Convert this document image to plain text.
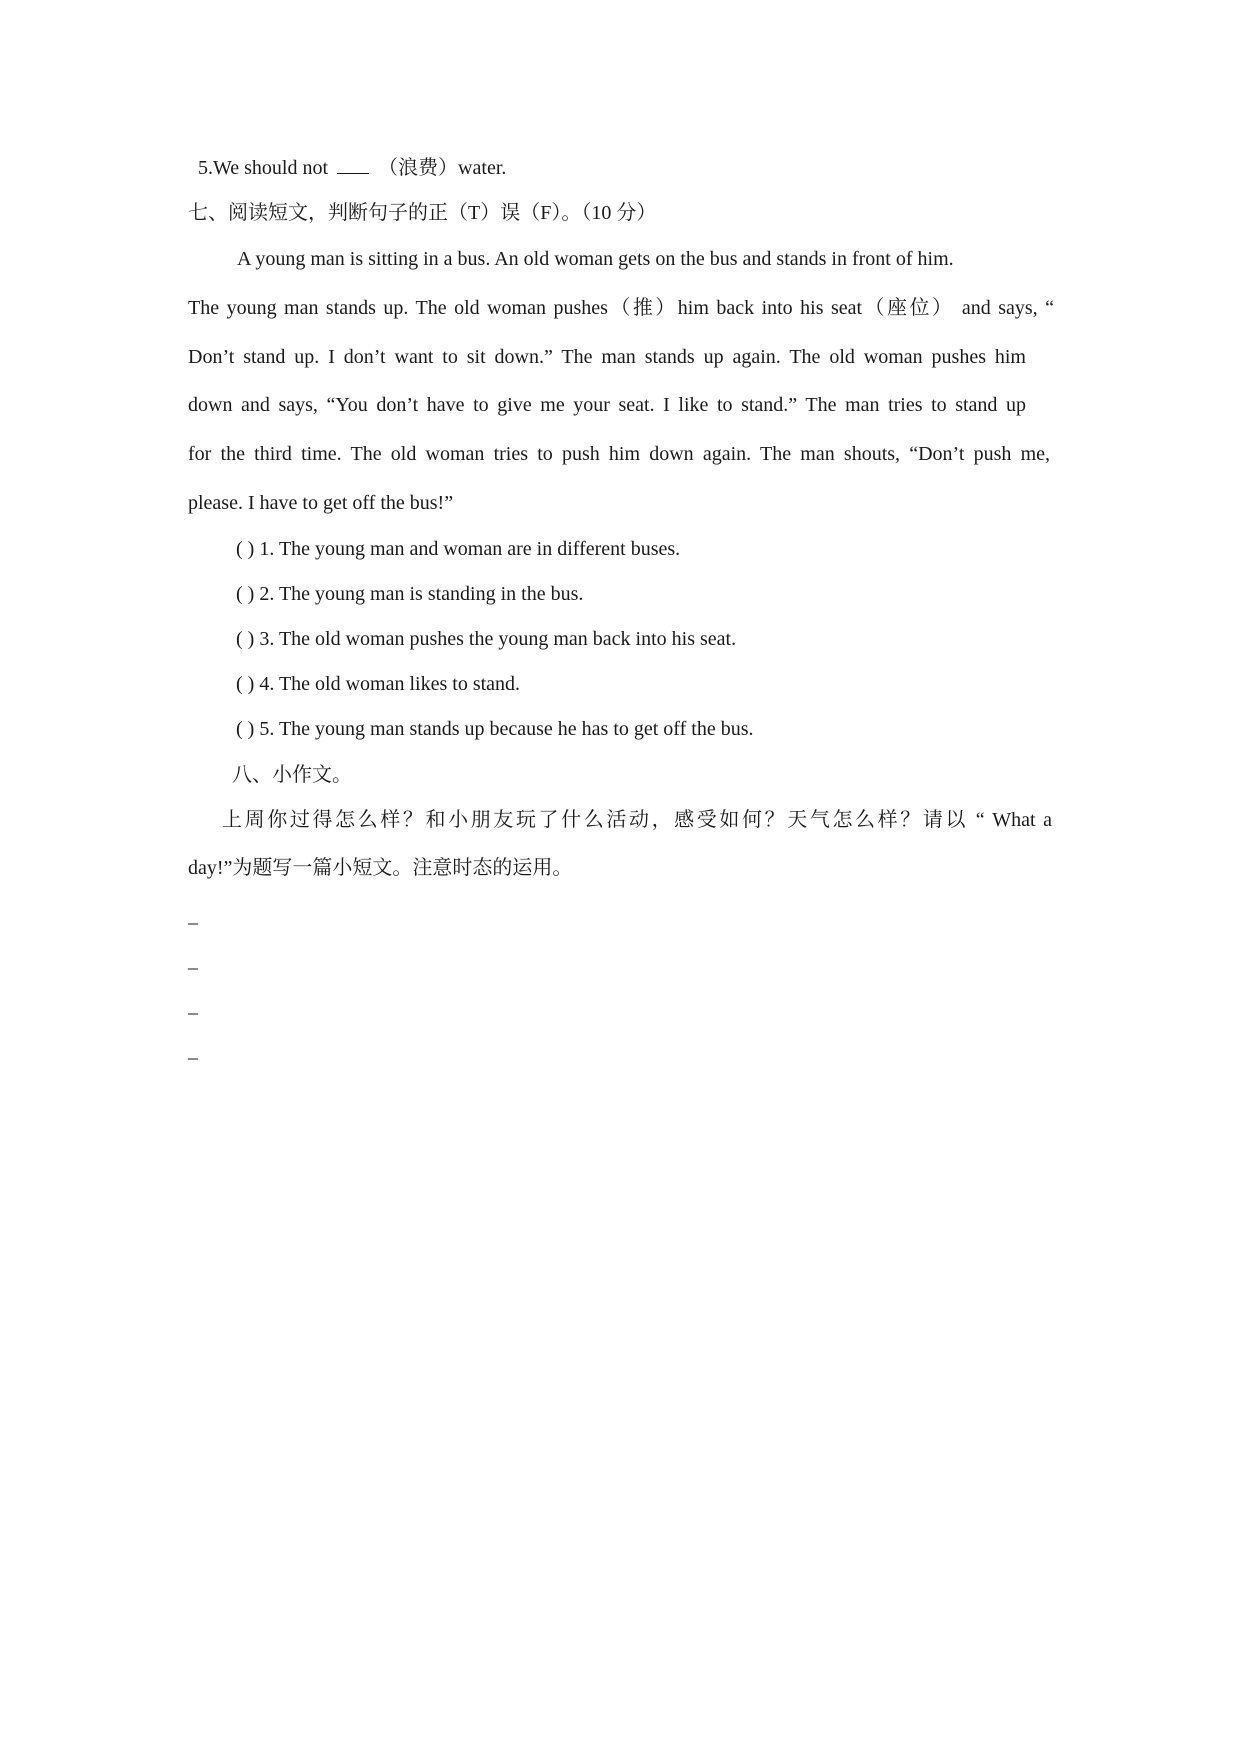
5.We should not	（浪费）water.
七、阅读短文，判断句子的正（T）误（F）。（10 分）
A young man is sitting in a bus. An old woman gets on the bus and stands in front of him.
The young man stands up. The old woman pushes（推）him back into his seat（座位） and says, “
Don’t stand up. I don’t want to sit down.” The man stands up again. The old woman pushes him
down and says, “You don’t have to give me your seat. I like to stand.” The man tries to stand up
for the third time. The old woman tries to push him down again. The man shouts, “Don’t push me,
please. I have to get off the bus!”
( ) 1. The young man and woman are in different buses.
( ) 2. The young man is standing in the bus.
( ) 3. The old woman pushes the young man back into his seat.
( ) 4. The old woman likes to stand.
( ) 5. The young man stands up because he has to get off the bus.
八、小作文。
上周你过得怎么样？和小朋友玩了什么活动，感受如何？天气怎么样？请以 “ What a
day!”为题写一篇小短文。注意时态的运用。
_
_
_
_
